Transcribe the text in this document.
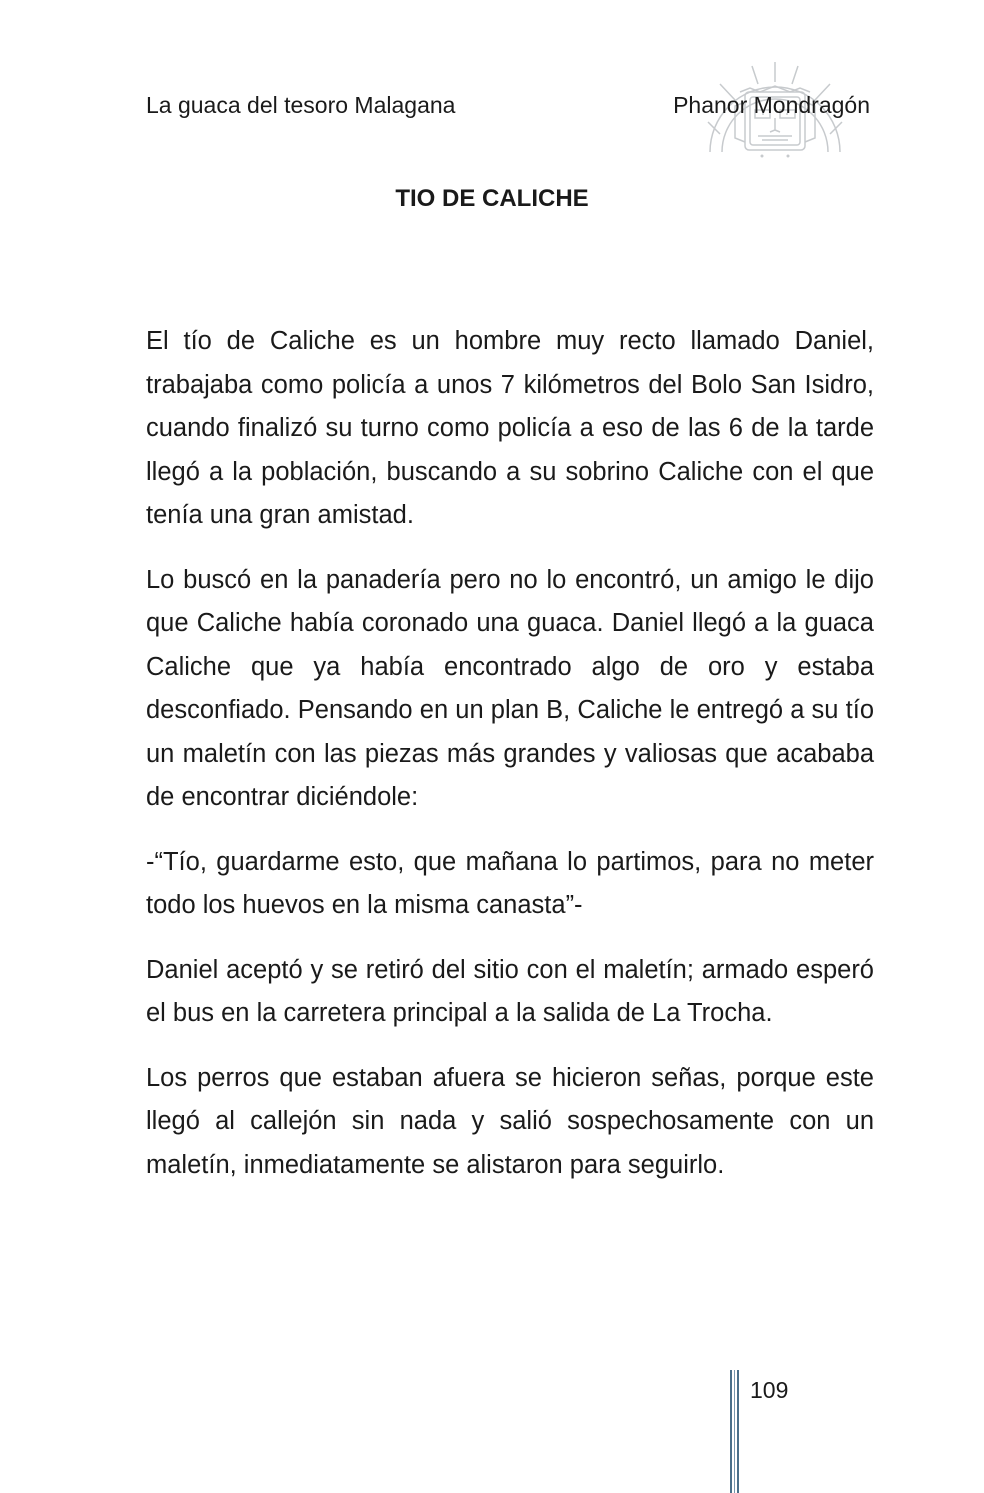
La guaca del tesoro Malagana	Phanor Mondragón
TIO DE CALICHE

El tío de Caliche es un hombre muy recto llamado Daniel, trabajaba como policía a unos 7 kilómetros del Bolo San Isidro, cuando finalizó su turno como policía a eso de las 6 de la tarde llegó a la población, buscando a su sobrino Caliche con el que tenía una gran amistad.

Lo buscó en la panadería pero no lo encontró, un amigo le dijo que Caliche había coronado una guaca. Daniel llegó a la guaca Caliche que ya había encontrado algo de oro y estaba desconfiado. Pensando en un plan B, Caliche le entregó a su tío un maletín con las piezas más grandes y valiosas que acababa de encontrar diciéndole:

-“Tío, guardarme esto, que mañana lo partimos, para no meter todo los huevos en la misma canasta”-

Daniel aceptó y se retiró del sitio con el maletín; armado esperó el bus en la carretera principal a la salida de La Trocha.

Los perros que estaban afuera se hicieron señas, porque este llegó al callejón sin nada y salió sospechosamente con un maletín, inmediatamente se alistaron para seguirlo.

109
